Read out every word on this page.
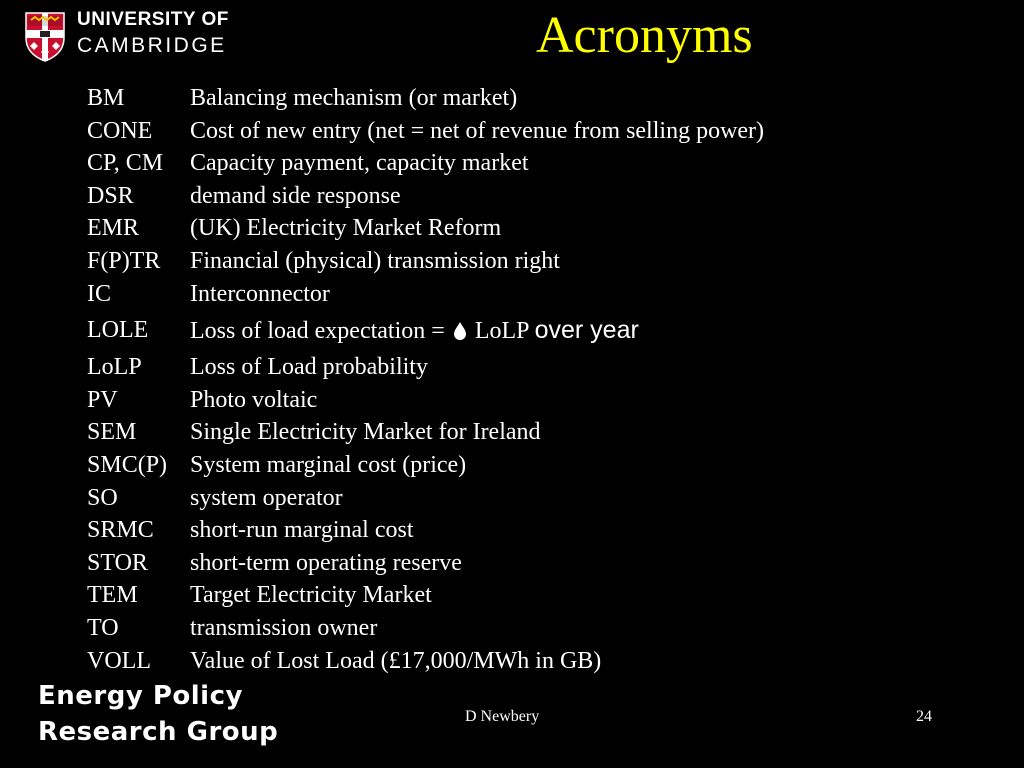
UNIVERSITY OF
CAMBRIDGE	Acronyms
BM	Balancing mechanism (or market)
CONE	Cost of new entry (net = net of revenue from selling power)
CP, CM	Capacity payment, capacity market
DSR	demand side response
EMR	(UK) Electricity Market Reform
F(P)TR	Financial (physical) transmission right
IC	Interconnector
LOLE	Loss of load expectation =  LoLP over year
LoLP	Loss of Load probability
PV	Photo voltaic
SEM	Single Electricity Market for Ireland
SMC(P) System marginal cost (price)
SO	system operator
SRMC	short-run marginal cost
STOR	short-term operating reserve
TEM	Target Electricity Market
TO	transmission owner
VOLL	Value of Lost Load (£17,000/MWh in GB)
Energy Policy
Research Group
D Newbery	24
